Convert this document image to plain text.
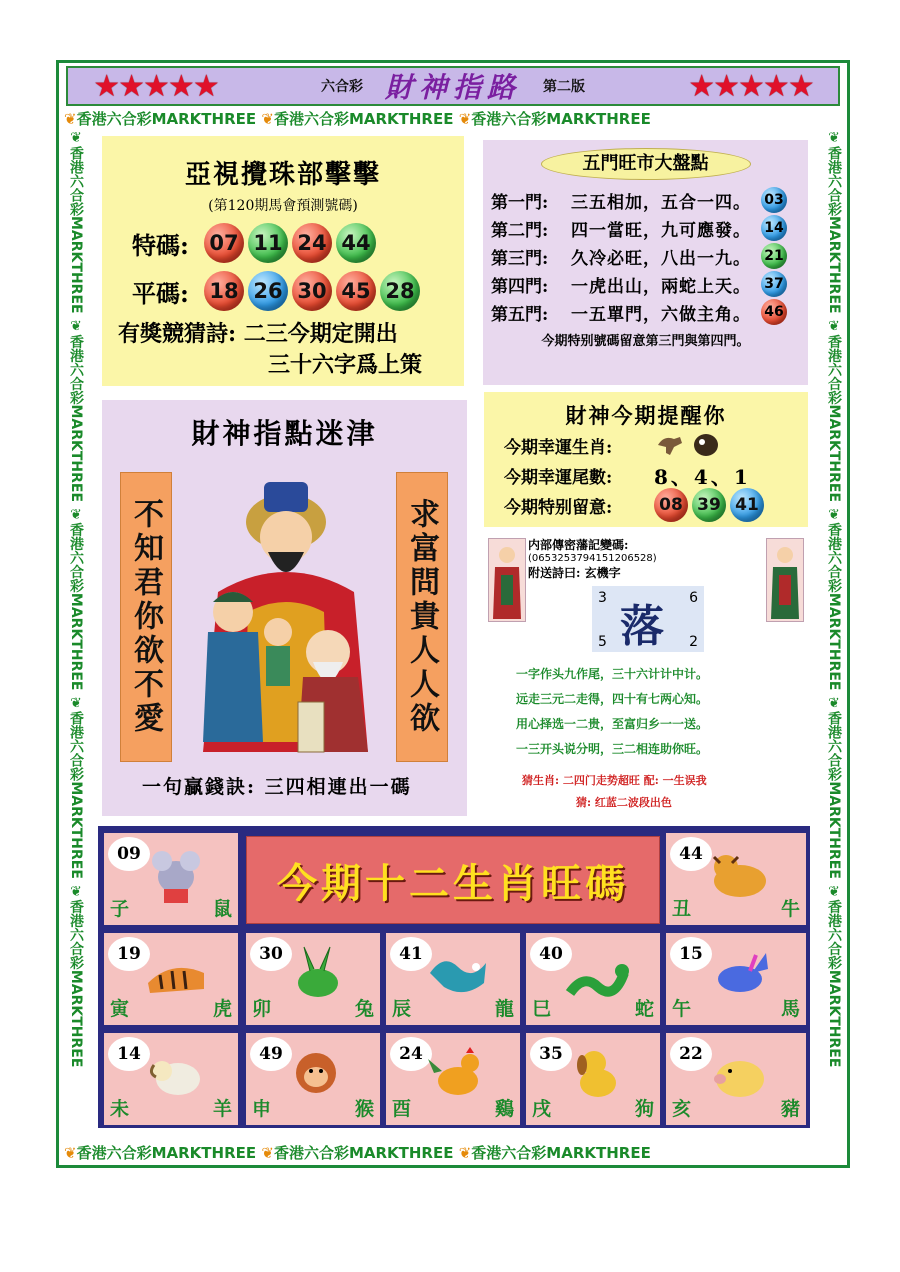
★★★★★	六合彩 財神指路 第二版	★★★★★
❦香港六合彩MARKTHREE ❦香港六合彩MARKTHREE ❦香港六合彩MARKTHREE
❦香港六合彩MARKTHREE ❦香港六合彩MARKTHREE ❦香港六合彩MARKTHREE
❦香港六合彩MARKTHREE ❦香港六合彩MARKTHREE ❦香港六合彩MARKTHREE ❦香港六合彩MARKTHREE ❦香港六合彩MARKTHREE
❦香港六合彩MARKTHREE ❦香港六合彩MARKTHREE ❦香港六合彩MARKTHREE ❦香港六合彩MARKTHREE ❦香港六合彩MARKTHREE
亞視攪珠部擊擊
(第120期馬會預測號碼)
特碼: 07 11 24 44
平碼: 18 26 30 45 28
有獎競猜詩: 二三今期定開出
三十六字爲上策
五門旺市大盤點
第一門:	三五相加，五合一四。 03
第二門:	四一當旺，九可應發。 14
第三門:	久冷必旺，八出一九。 21
第四門:	一虎出山，兩蛇上天。 37
第五門:	一五單門，六做主角。 46
今期特别號碼留意第三門與第四門。
財神指點迷津
不知君你欲不愛	求富問貴人人欲
一句贏錢訣: 三四相連出一碼
財神今期提醒你
今期幸運生肖:
今期幸運尾數:	8、4、1
今期特别留意:	08 39 41
内部傳密藩記變碼:
(06532537941512065​28)
附送詩曰: 玄機字
3	6
落
5	2
一字作头九作尾，三十六计计中计。
远走三元二走得，四十有七两心知。
用心择选一二贵，至富归乡一一送。
一三开头说分明，三二相连助你旺。
猜生肖: 二四门走势超旺 配: 一生误我
猜: 红蓝二波段出色
09
子	鼠
44
丑	牛
19
寅	虎
30
卯	兔
41
辰	龍
40
巳	蛇
15
午	馬
14
未	羊
49
申	猴
24
酉	鷄
35
戌	狗
22
亥	豬
今期十二生肖旺碼
